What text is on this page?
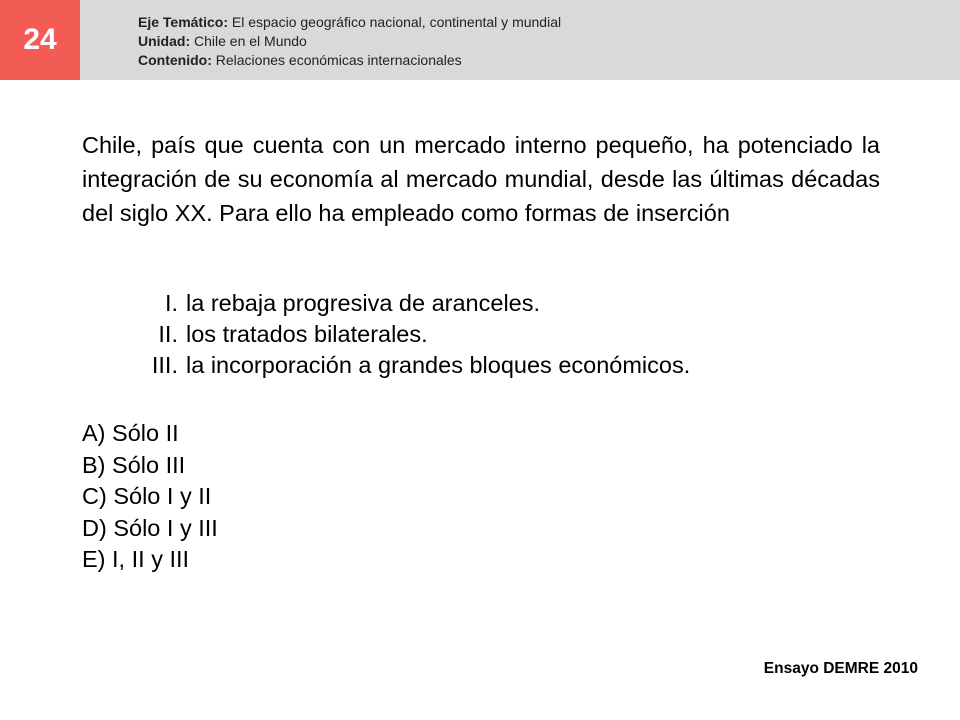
24
Eje Temático: El espacio geográfico nacional, continental y mundial
Unidad: Chile en el Mundo
Contenido: Relaciones económicas internacionales
Chile, país que cuenta con un mercado interno pequeño, ha potenciado la integración de su economía al mercado mundial, desde las últimas décadas del siglo XX. Para ello ha empleado como formas de inserción
I. la rebaja progresiva de aranceles.
II. los tratados bilaterales.
III. la incorporación a grandes bloques económicos.
A) Sólo II
B) Sólo III
C) Sólo I y II
D) Sólo I y III
E) I, II y III
Ensayo DEMRE 2010
